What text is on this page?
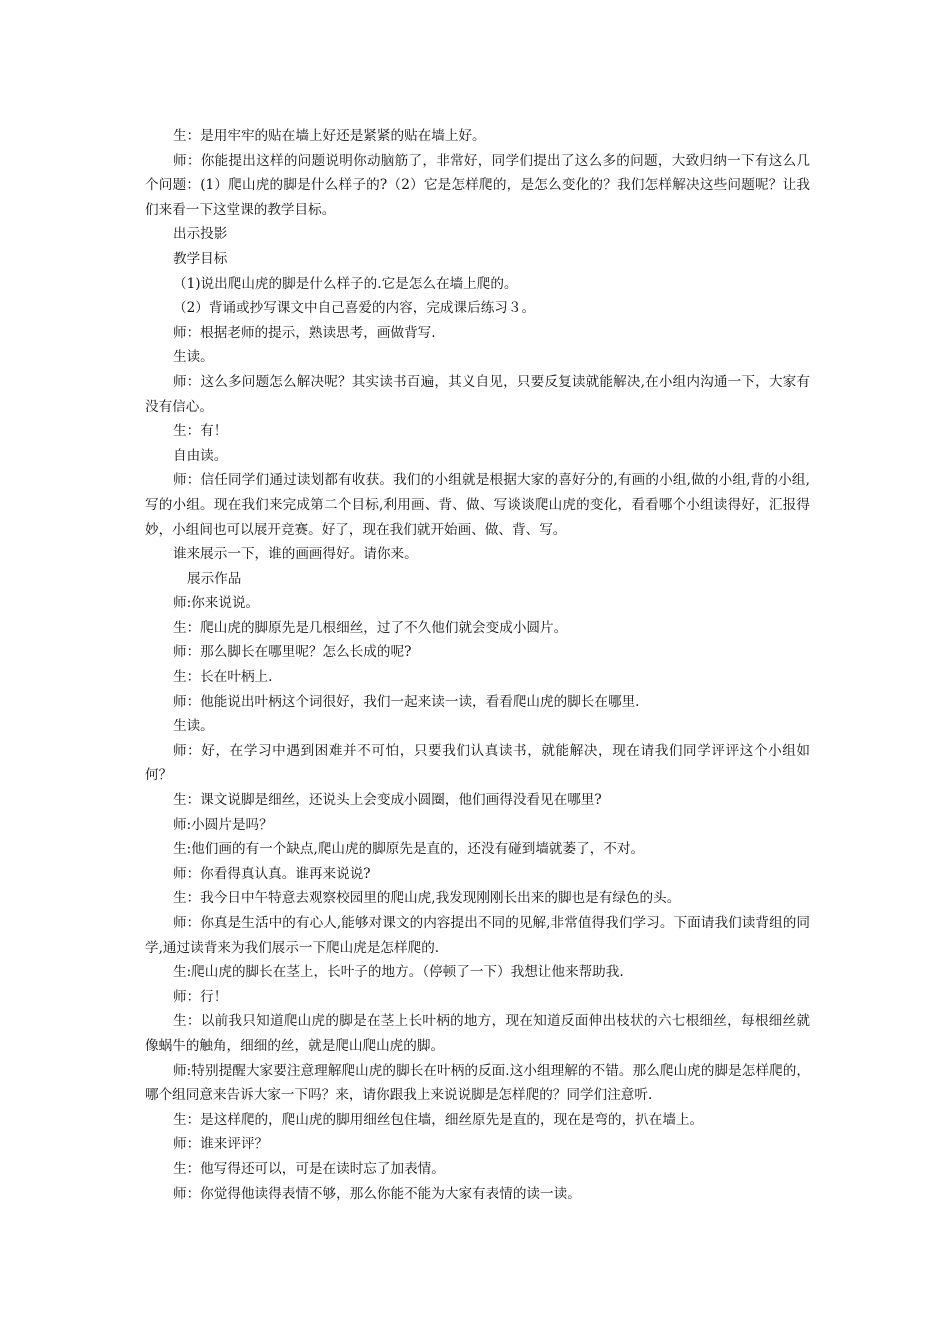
生：是用牢牢的贴在墙上好还是紧紧的贴在墙上好。

师：你能提出这样的问题说明你动脑筋了，非常好，同学们提出了这么多的问题，大致归纳一下有这么几个问题：(1）爬山虎的脚是什么样子的?（2）它是怎样爬的，是怎么变化的？我们怎样解决这些问题呢？让我们来看一下这堂课的教学目标。

出示投影

教学目标

（1)说出爬山虎的脚是什么样子的.它是怎么在墙上爬的。

（2）背诵或抄写课文中自己喜爱的内容，完成课后练习３。

师：根据老师的提示，熟读思考，画做背写.

生读。

师：这么多问题怎么解决呢？其实读书百遍，其义自见，只要反复读就能解决,在小组内沟通一下，大家有没有信心。

生：有！

自由读。

师：信任同学们通过读划都有收获。我们的小组就是根据大家的喜好分的,有画的小组,做的小组,背的小组,写的小组。现在我们来完成第二个目标,利用画、背、做、写谈谈爬山虎的变化，看看哪个小组读得好，汇报得妙，小组间也可以展开竞赛。好了，现在我们就开始画、做、背、写。

谁来展示一下，谁的画画得好。请你来。

展示作品

师:你来说说。

生：爬山虎的脚原先是几根细丝，过了不久他们就会变成小圆片。

师：那么脚长在哪里呢？怎么长成的呢?

生：长在叶柄上.

师：他能说出叶柄这个词很好，我们一起来读一读，看看爬山虎的脚长在哪里.

生读。

师：好，在学习中遇到困难并不可怕，只要我们认真读书，就能解决，现在请我们同学评评这个小组如何？

生：课文说脚是细丝，还说头上会变成小圆圈，他们画得没看见在哪里?

师:小圆片是吗？

生:他们画的有一个缺点,爬山虎的脚原先是直的，还没有碰到墙就萎了，不对。

师：你看得真认真。谁再来说说?

生：我今日中午特意去观察校园里的爬山虎,我发现刚刚长出来的脚也是有绿色的头。

师：你真是生活中的有心人,能够对课文的内容提出不同的见解,非常值得我们学习。下面请我们读背组的同学,通过读背来为我们展示一下爬山虎是怎样爬的.

生:爬山虎的脚长在茎上，长叶子的地方。（停顿了一下）我想让他来帮助我.

师：行！

生：以前我只知道爬山虎的脚是在茎上长叶柄的地方，现在知道反面伸出枝状的六七根细丝，每根细丝就像蜗牛的触角，细细的丝，就是爬山爬山虎的脚。

师:特别提醒大家要注意理解爬山虎的脚长在叶柄的反面.这小组理解的不错。那么爬山虎的脚是怎样爬的，哪个组同意来告诉大家一下吗？来，请你跟我上来说说脚是怎样爬的？同学们注意听.

生：是这样爬的，爬山虎的脚用细丝包住墙，细丝原先是直的，现在是弯的，扒在墙上。

师：谁来评评？

生：他写得还可以，可是在读时忘了加表情。

师：你觉得他读得表情不够，那么你能不能为大家有表情的读一读。
